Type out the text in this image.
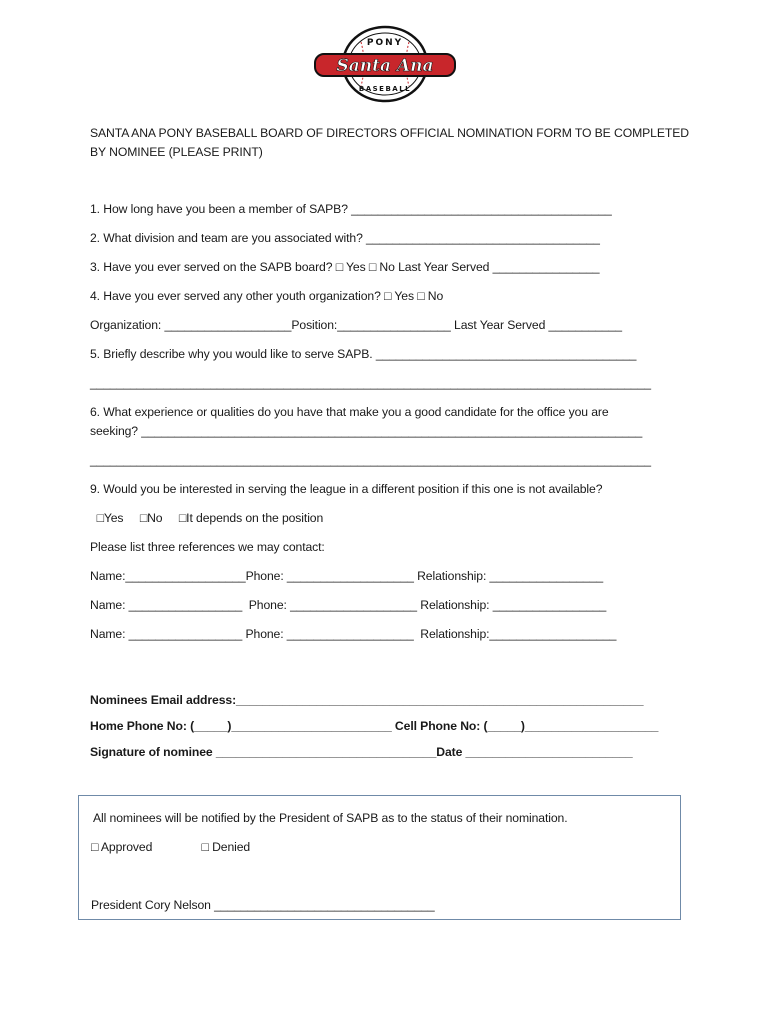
PONY
Santa Ana
BASEBALL
SANTA ANA PONY BASEBALL BOARD OF DIRECTORS OFFICIAL NOMINATION FORM TO BE COMPLETED BY NOMINEE (PLEASE PRINT)
1. How long have you been a member of SAPB? _______________________________________
2. What division and team are you associated with? ___________________________________
3. Have you ever served on the SAPB board? □ Yes □ No Last Year Served ________________
4. Have you ever served any other youth organization? □ Yes □ No
Organization: ___________________Position:_________________ Last Year Served ___________
5. Briefly describe why you would like to serve SAPB. _______________________________________
____________________________________________________________________________________
6. What experience or qualities do you have that make you a good candidate for the office you are
seeking? ___________________________________________________________________________
____________________________________________________________________________________
9. Would you be interested in serving the league in a different position if this one is not available?
□Yes     □No     □It depends on the position
Please list three references we may contact:
Name:__________________Phone: ___________________ Relationship: _________________
Name: _________________  Phone: ___________________ Relationship: _________________
Name: _________________ Phone: ___________________  Relationship:___________________
Nominees Email address:_____________________________________________________________
Home Phone No: (_____)________________________ Cell Phone No: (_____)____________________
Signature of nominee _________________________________Date _________________________
All nominees will be notified by the President of SAPB as to the status of their nomination.
□ Approved               □ Denied
President Cory Nelson _________________________________
